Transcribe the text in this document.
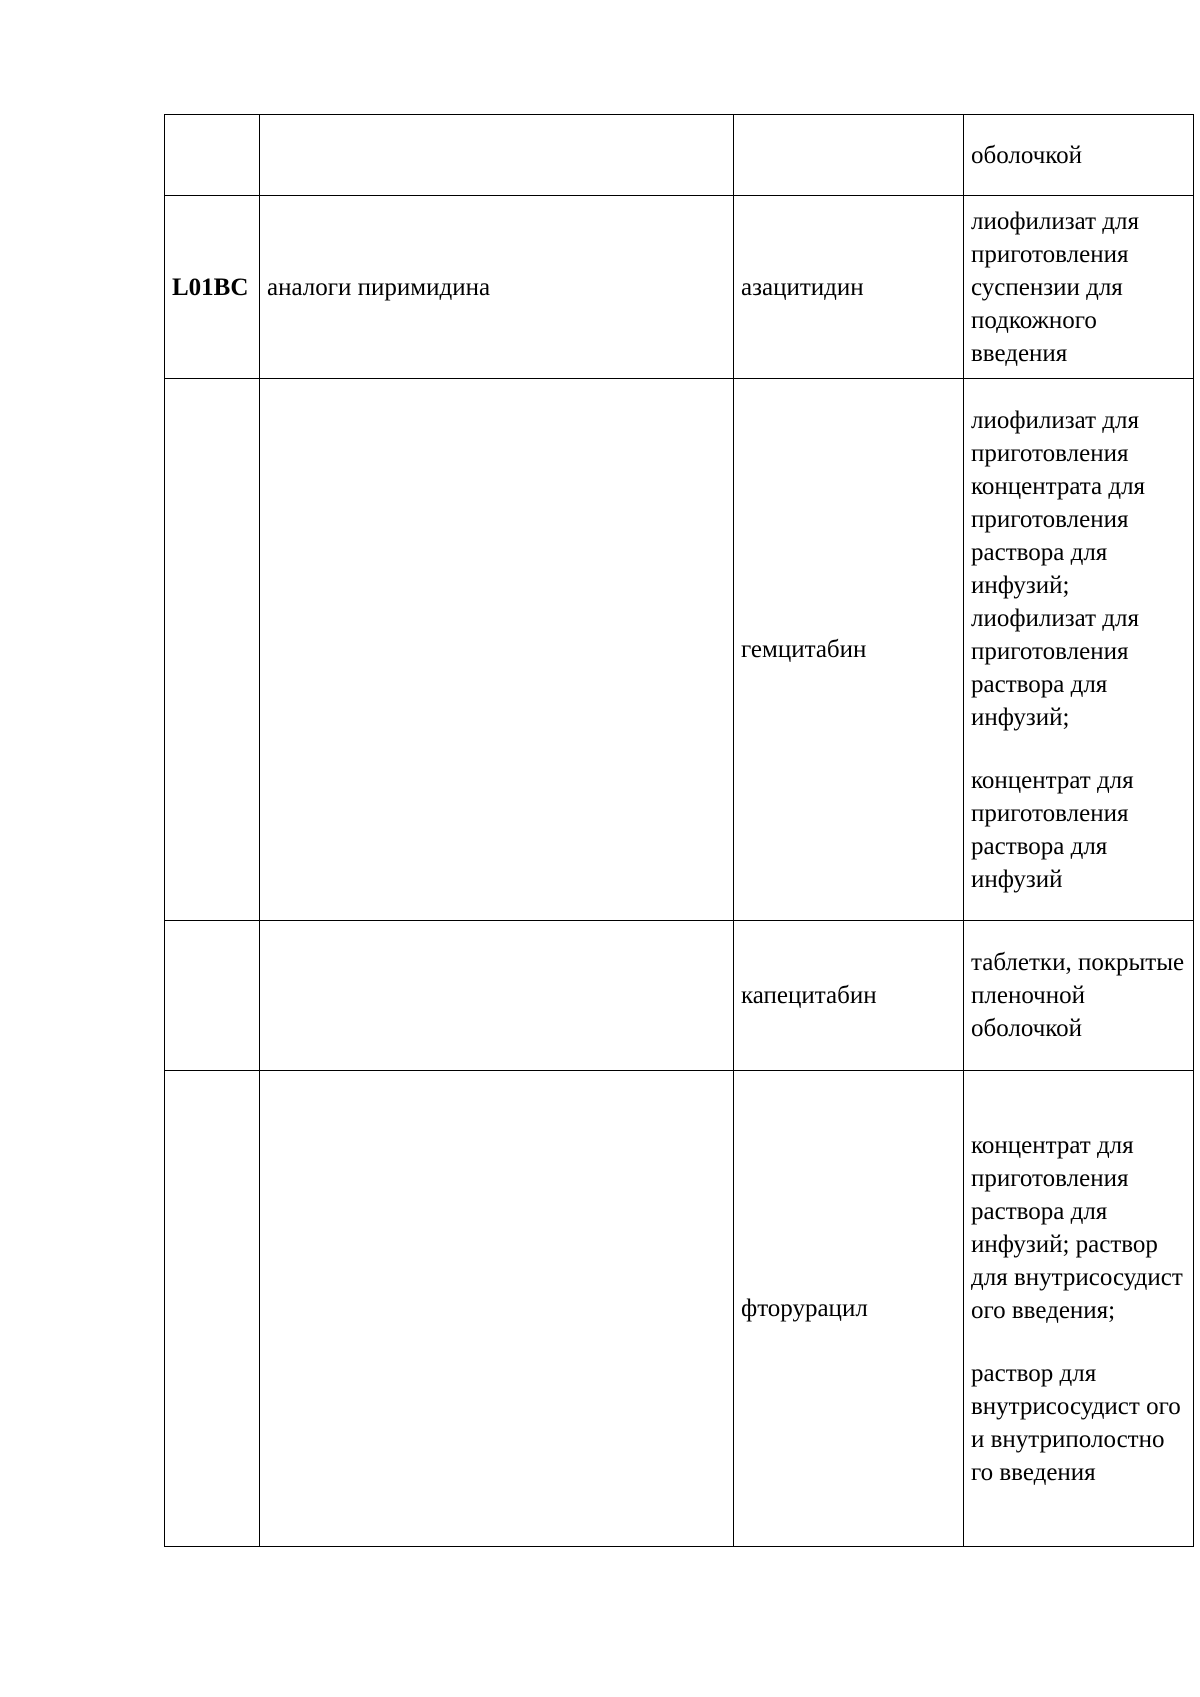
			оболочкой

L01BC	аналоги пиримидина	азацитидин	лиофилизат для приготовления суспензии для подкожного введения

		гемцитабин	лиофилизат для приготовления концентрата для приготовления раствора для инфузий; лиофилизат для приготовления раствора для инфузий;
концентрат для приготовления раствора для инфузий

		капецитабин	таблетки, покрытые пленочной оболочкой

		фторурацил	концентрат для приготовления раствора для инфузий; раствор для внутрисосудист ого введения;
раствор для внутрисосудист ого и внутриполостно го введения
